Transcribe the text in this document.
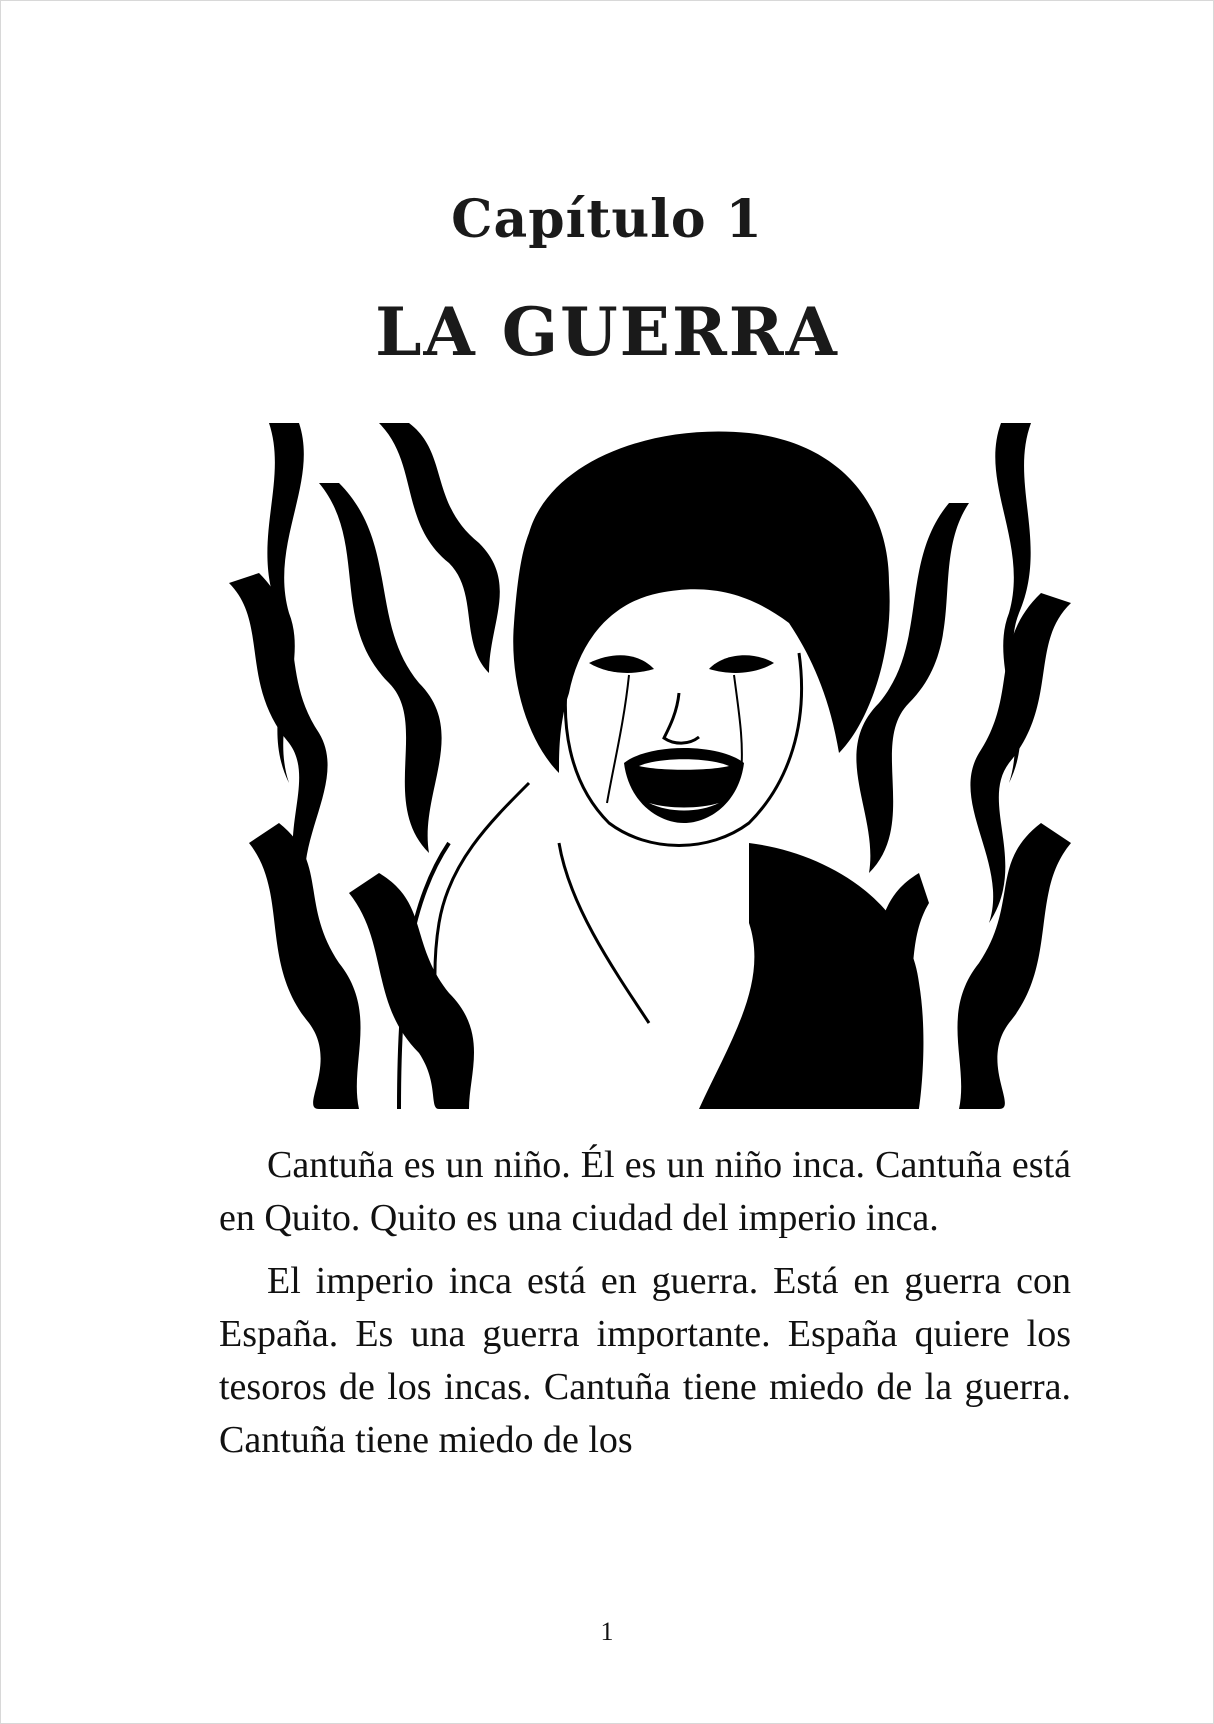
Capítulo 1
LA GUERRA

Cantuña es un niño. Él es un niño inca. Cantuña está en Quito. Quito es una ciudad del imperio inca.

El imperio inca está en guerra. Está en guerra con España. Es una guerra importante. España quiere los tesoros de los incas. Cantuña tiene miedo de la guerra. Cantuña tiene miedo de los

1
